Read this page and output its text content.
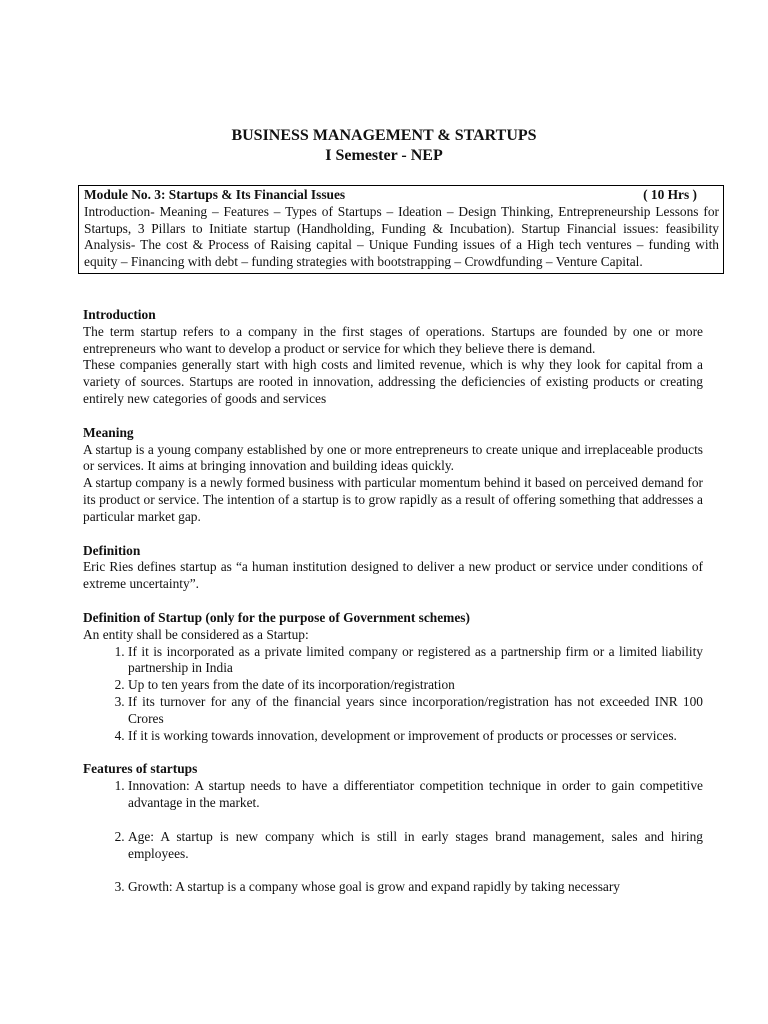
BUSINESS MANAGEMENT & STARTUPS
I Semester - NEP
Module No. 3: Startups & Its Financial Issues	( 10 Hrs )

Introduction- Meaning – Features – Types of Startups – Ideation – Design Thinking, Entrepreneurship Lessons for Startups, 3 Pillars to Initiate startup (Handholding, Funding & Incubation). Startup Financial issues: feasibility Analysis- The cost & Process of Raising capital – Unique Funding issues of a High tech ventures – funding with equity – Financing with debt – funding strategies with bootstrapping – Crowdfunding – Venture Capital.

Introduction

The term startup refers to a company in the first stages of operations. Startups are founded by one or more entrepreneurs who want to develop a product or service for which they believe there is demand.

These companies generally start with high costs and limited revenue, which is why they look for capital from a variety of sources. Startups are rooted in innovation, addressing the deficiencies of existing products or creating entirely new categories of goods and services

Meaning

A startup is a young company established by one or more entrepreneurs to create unique and irreplaceable products or services. It aims at bringing innovation and building ideas quickly.

A startup company is a newly formed business with particular momentum behind it based on perceived demand for its product or service. The intention of a startup is to grow rapidly as a result of offering something that addresses a particular market gap.

Definition

Eric Ries defines startup as “a human institution designed to deliver a new product or service under conditions of extreme uncertainty”.

Definition of Startup (only for the purpose of Government schemes)

An entity shall be considered as a Startup:

1. If it is incorporated as a private limited company or registered as a partnership firm or a limited liability partnership in India
2. Up to ten years from the date of its incorporation/registration
3. If its turnover for any of the financial years since incorporation/registration has not exceeded INR 100 Crores
4. If it is working towards innovation, development or improvement of products or processes or services.
Features of startups
1. Innovation: A startup needs to have a differentiator competition technique in order to gain competitive advantage in the market.
2. Age: A startup is new company which is still in early stages brand management, sales and hiring employees.
3. Growth: A startup is a company whose goal is grow and expand rapidly by taking necessary
